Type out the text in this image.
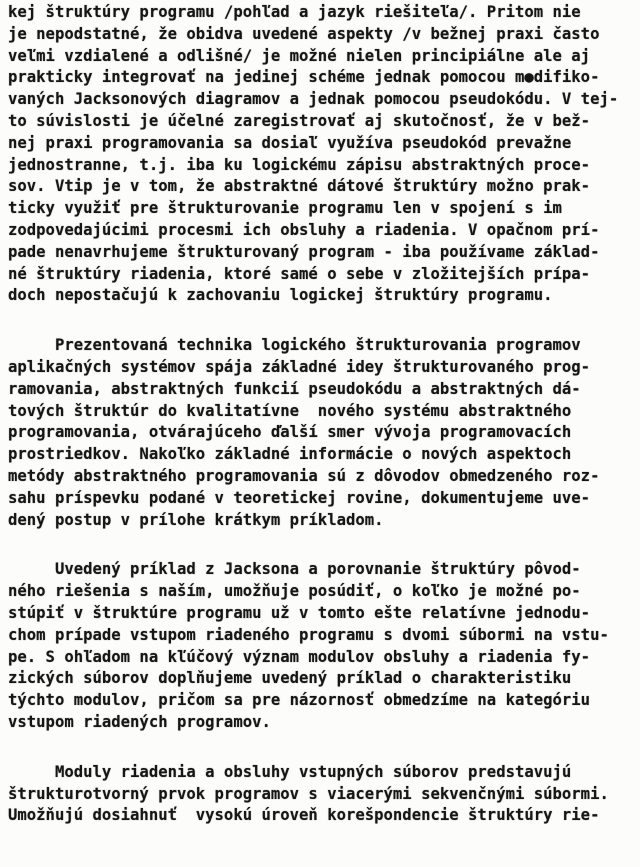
kej štruktúry programu /pohľad a jazyk riešiteľa/. Pritom nie
je nepodstatné, že obidva uvedené aspekty /v bežnej praxi často
veľmi vzdialené a odlišné/ je možné nielen principiálne ale aj
prakticky integrovať na jedinej schéme jednak pomocou m●difiko-
vaných Jacksonových diagramov a jednak pomocou pseudokódu. V tej-
to súvislosti je účelné zaregistrovať aj skutočnosť, že v bež-
nej praxi programovania sa dosiaľ využíva pseudokód prevažne
jednostranne, t.j. iba ku logickému zápisu abstraktných proce-
sov. Vtip je v tom, že abstraktné dátové štruktúry možno prak-
ticky využiť pre štrukturovanie programu len v spojení s im
zodpovedajúcimi procesmi ich obsluhy a riadenia. V opačnom prí-
pade nenavrhujeme štrukturovaný program - iba používame základ-
né štruktúry riadenia, ktoré samé o sebe v zložitejších prípa-
doch nepostačujú k zachovaniu logickej štruktúry programu.
Prezentovaná technika logického štrukturovania programov
aplikačných systémov spája základné idey štrukturovaného prog-
ramovania, abstraktných funkcií pseudokódu a abstraktných dá-
tových štruktúr do kvalitatívne  nového systému abstraktného
programovania, otvárajúceho ďalší smer vývoja programovacích
prostriedkov. Nakoľko základné informácie o nových aspektoch
metódy abstraktného programovania sú z dôvodov obmedzeného roz-
sahu príspevku podané v teoretickej rovine, dokumentujeme uve-
dený postup v prílohe krátkym príkladom.
Uvedený príklad z Jacksona a porovnanie štruktúry pôvod-
ného riešenia s naším, umožňuje posúdiť, o koľko je možné po-
stúpiť v štruktúre programu už v tomto ešte relatívne jednodu-
chom prípade vstupom riadeného programu s dvomi súbormi na vstu-
pe. S ohľadom na kľúčový význam modulov obsluhy a riadenia fy-
zických súborov doplňujeme uvedený príklad o charakteristiku
týchto modulov, pričom sa pre názornosť obmedzíme na kategóriu
vstupom riadených programov.
Moduly riadenia a obsluhy vstupných súborov predstavujú
štrukturotvorný prvok programov s viacerými sekvenčnými súbormi.
Umožňujú dosiahnuť  vysokú úroveň korešpondencie štruktúry rie-
